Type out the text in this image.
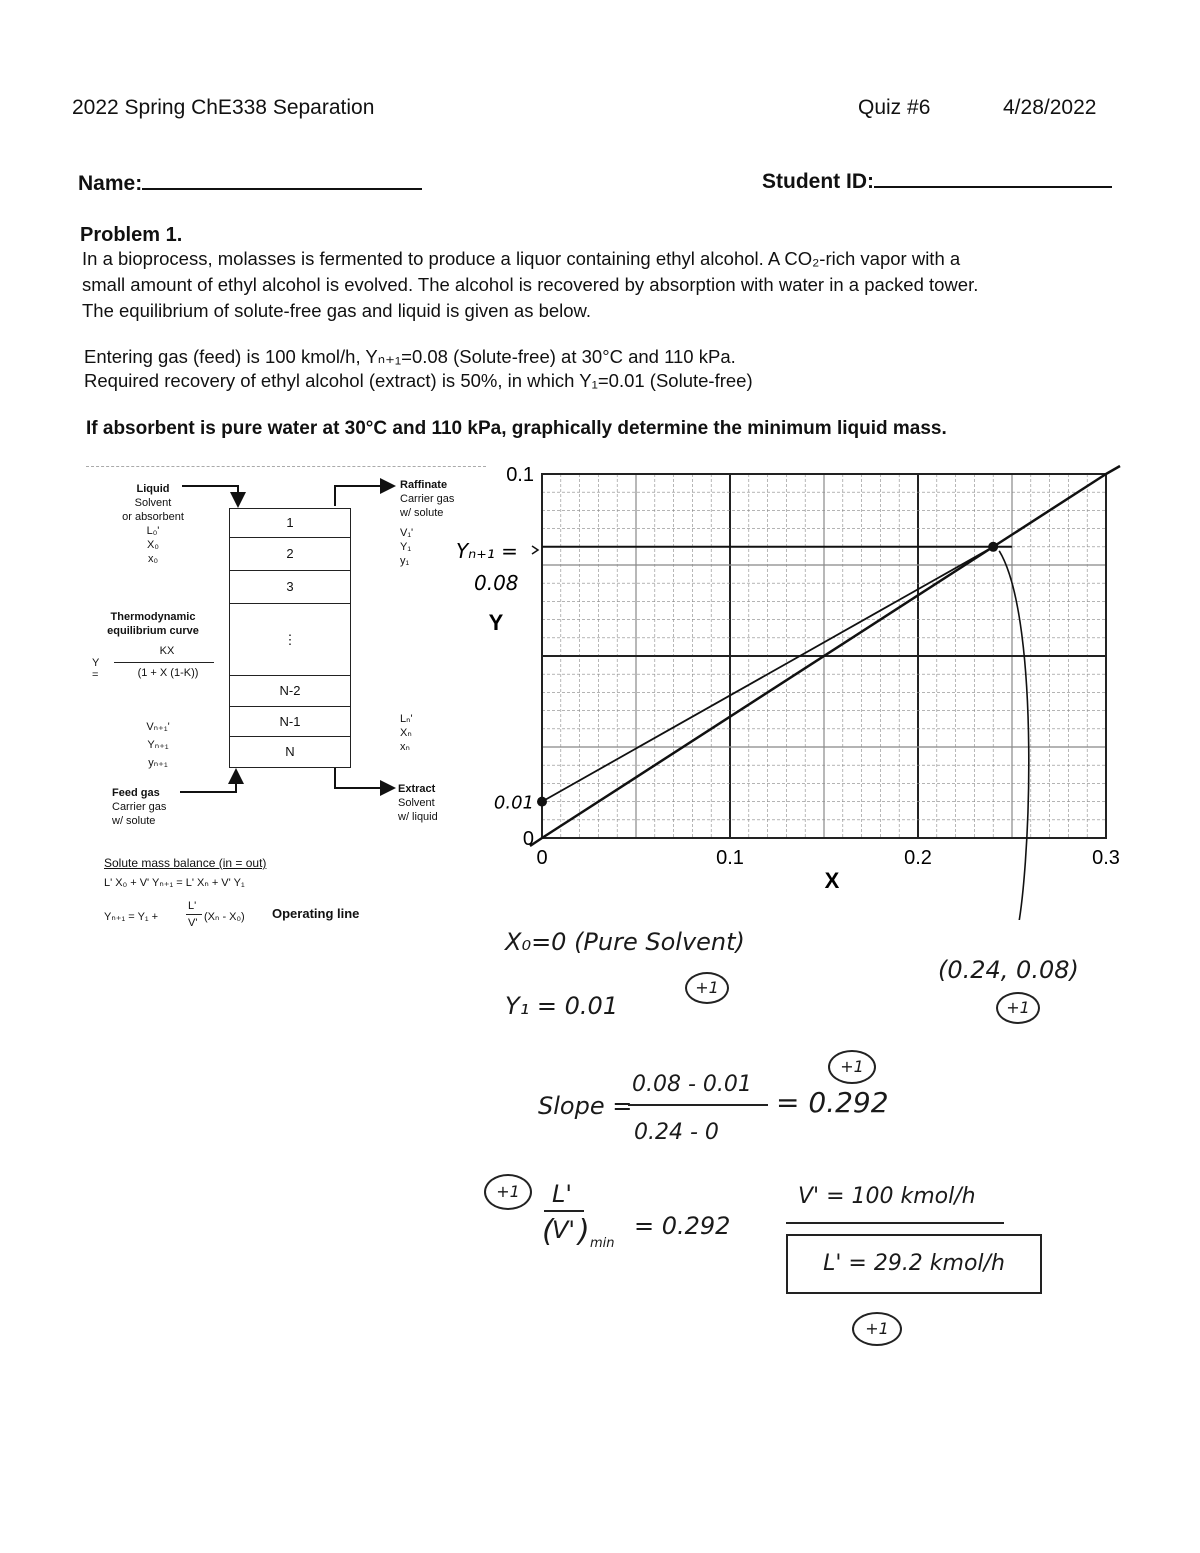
2022 Spring ChE338 Separation	Quiz #6	4/28/2022
Name:	Student ID:
Problem 1.
In a bioprocess, molasses is fermented to produce a liquor containing ethyl alcohol. A CO₂-rich vapor with a
small amount of ethyl alcohol is evolved. The alcohol is recovered by absorption with water in a packed tower.
The equilibrium of solute-free gas and liquid is given as below.
Entering gas (feed) is 100 kmol/h, Yₙ₊₁=0.08 (Solute-free) at 30°C and 110 kPa.
Required recovery of ethyl alcohol (extract) is 50%, in which Y₁=0.01 (Solute-free)
If absorbent is pure water at 30°C and 110 kPa, graphically determine the minimum liquid mass.
Liquid
Solvent
or absorbent
L₀'
X₀
x₀
Raffinate
Carrier gas
w/ solute
V₁'
Y₁
y₁
1
2
3
⋮
N-2
N-1
N
Thermodynamic
equilibrium curve
Y =
KX
(1 + X (1-K))
Vₙ₊₁'
Yₙ₊₁
yₙ₊₁
Lₙ'
Xₙ
xₙ
Feed gas
Carrier gas
w/ solute
Extract
Solvent
w/ liquid
Solute mass balance (in = out)
L' X₀ + V' Yₙ₊₁ = L' Xₙ + V' Y₁
Yₙ₊₁ = Y₁ +
L'
V' (Xₙ - X₀) Operating line
0	0.1	0.2	0.3
0
0.01
0.1
X
Y
Yₙ₊₁ =
0.08
X₀=0 (Pure Solvent)
Y₁ = 0.01
+1
(0.24, 0.08)
+1
+1
Slope =
0.08 - 0.01
0.24 - 0
= 0.292
+1	L'
(
V' ) min
= 0.292
V' = 100 kmol/h
L' = 29.2 kmol/h
+1
